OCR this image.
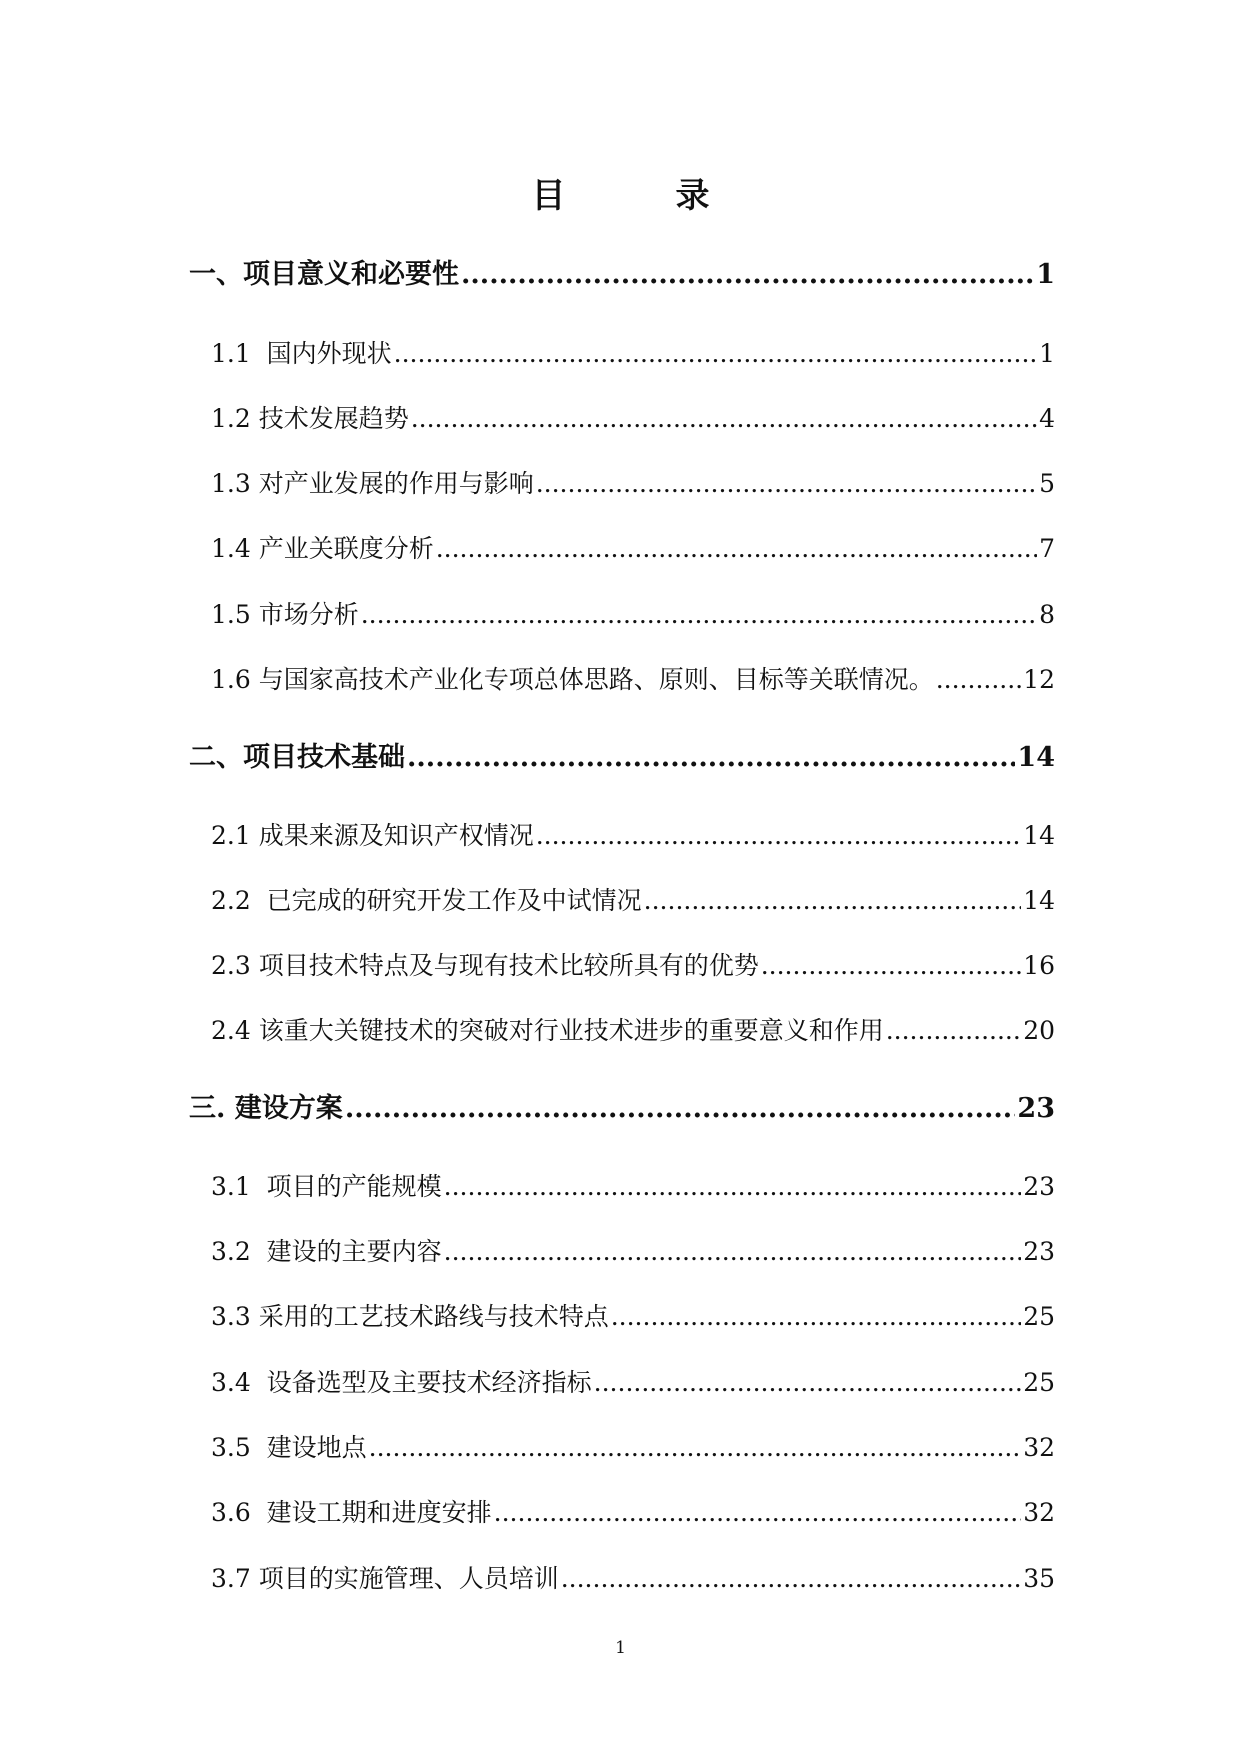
目　录
一、项目意义和必要性 .....	1
1.1  国内外现状 .....	1
1.2 技术发展趋势 .....	4
1.3 对产业发展的作用与影响 .....	5
1.4 产业关联度分析 .....	7
1.5 市场分析 .....	8
1.6 与国家高技术产业化专项总体思路、原则、目标等关联情况。 .....	12
二、项目技术基础 .....	14
2.1 成果来源及知识产权情况 .....	14
2.2  已完成的研究开发工作及中试情况 .....	14
2.3 项目技术特点及与现有技术比较所具有的优势 .....	16
2.4 该重大关键技术的突破对行业技术进步的重要意义和作用 .....	20
三. 建设方案 .....	23
3.1  项目的产能规模 .....	23
3.2  建设的主要内容 .....	23
3.3 采用的工艺技术路线与技术特点 .....	25
3.4  设备选型及主要技术经济指标 .....	25
3.5  建设地点 .....	32
3.6  建设工期和进度安排 .....	32
3.7 项目的实施管理、人员培训 .....	35
1
